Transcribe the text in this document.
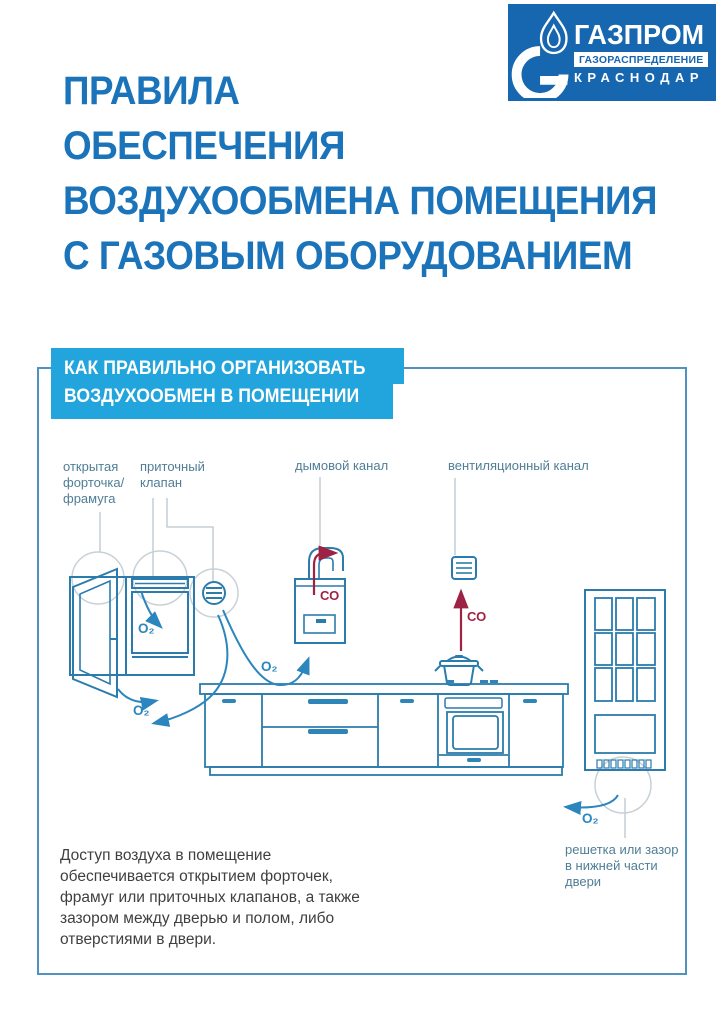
ГАЗПРОМ
ГАЗОРАСПРЕДЕЛЕНИЕ
КРАСНОДАР
ПРАВИЛА
ОБЕСПЕЧЕНИЯ
ВОЗДУХООБМЕНА ПОМЕЩЕНИЯ
С ГАЗОВЫМ ОБОРУДОВАНИЕМ
КАК ПРАВИЛЬНО ОРГАНИЗОВАТЬ
ВОЗДУХООБМЕН В ПОМЕЩЕНИИ
СО
СО
О₂
О₂
О₂
О₂
открытая
форточка/
фрамуга
приточный
клапан
дымовой канал	вентиляционный канал
решетка или зазор
в нижней части
двери
Доступ воздуха в помещение
обеспечивается открытием форточек,
фрамуг или приточных клапанов, а также
зазором между дверью и полом, либо
отверстиями в двери.
